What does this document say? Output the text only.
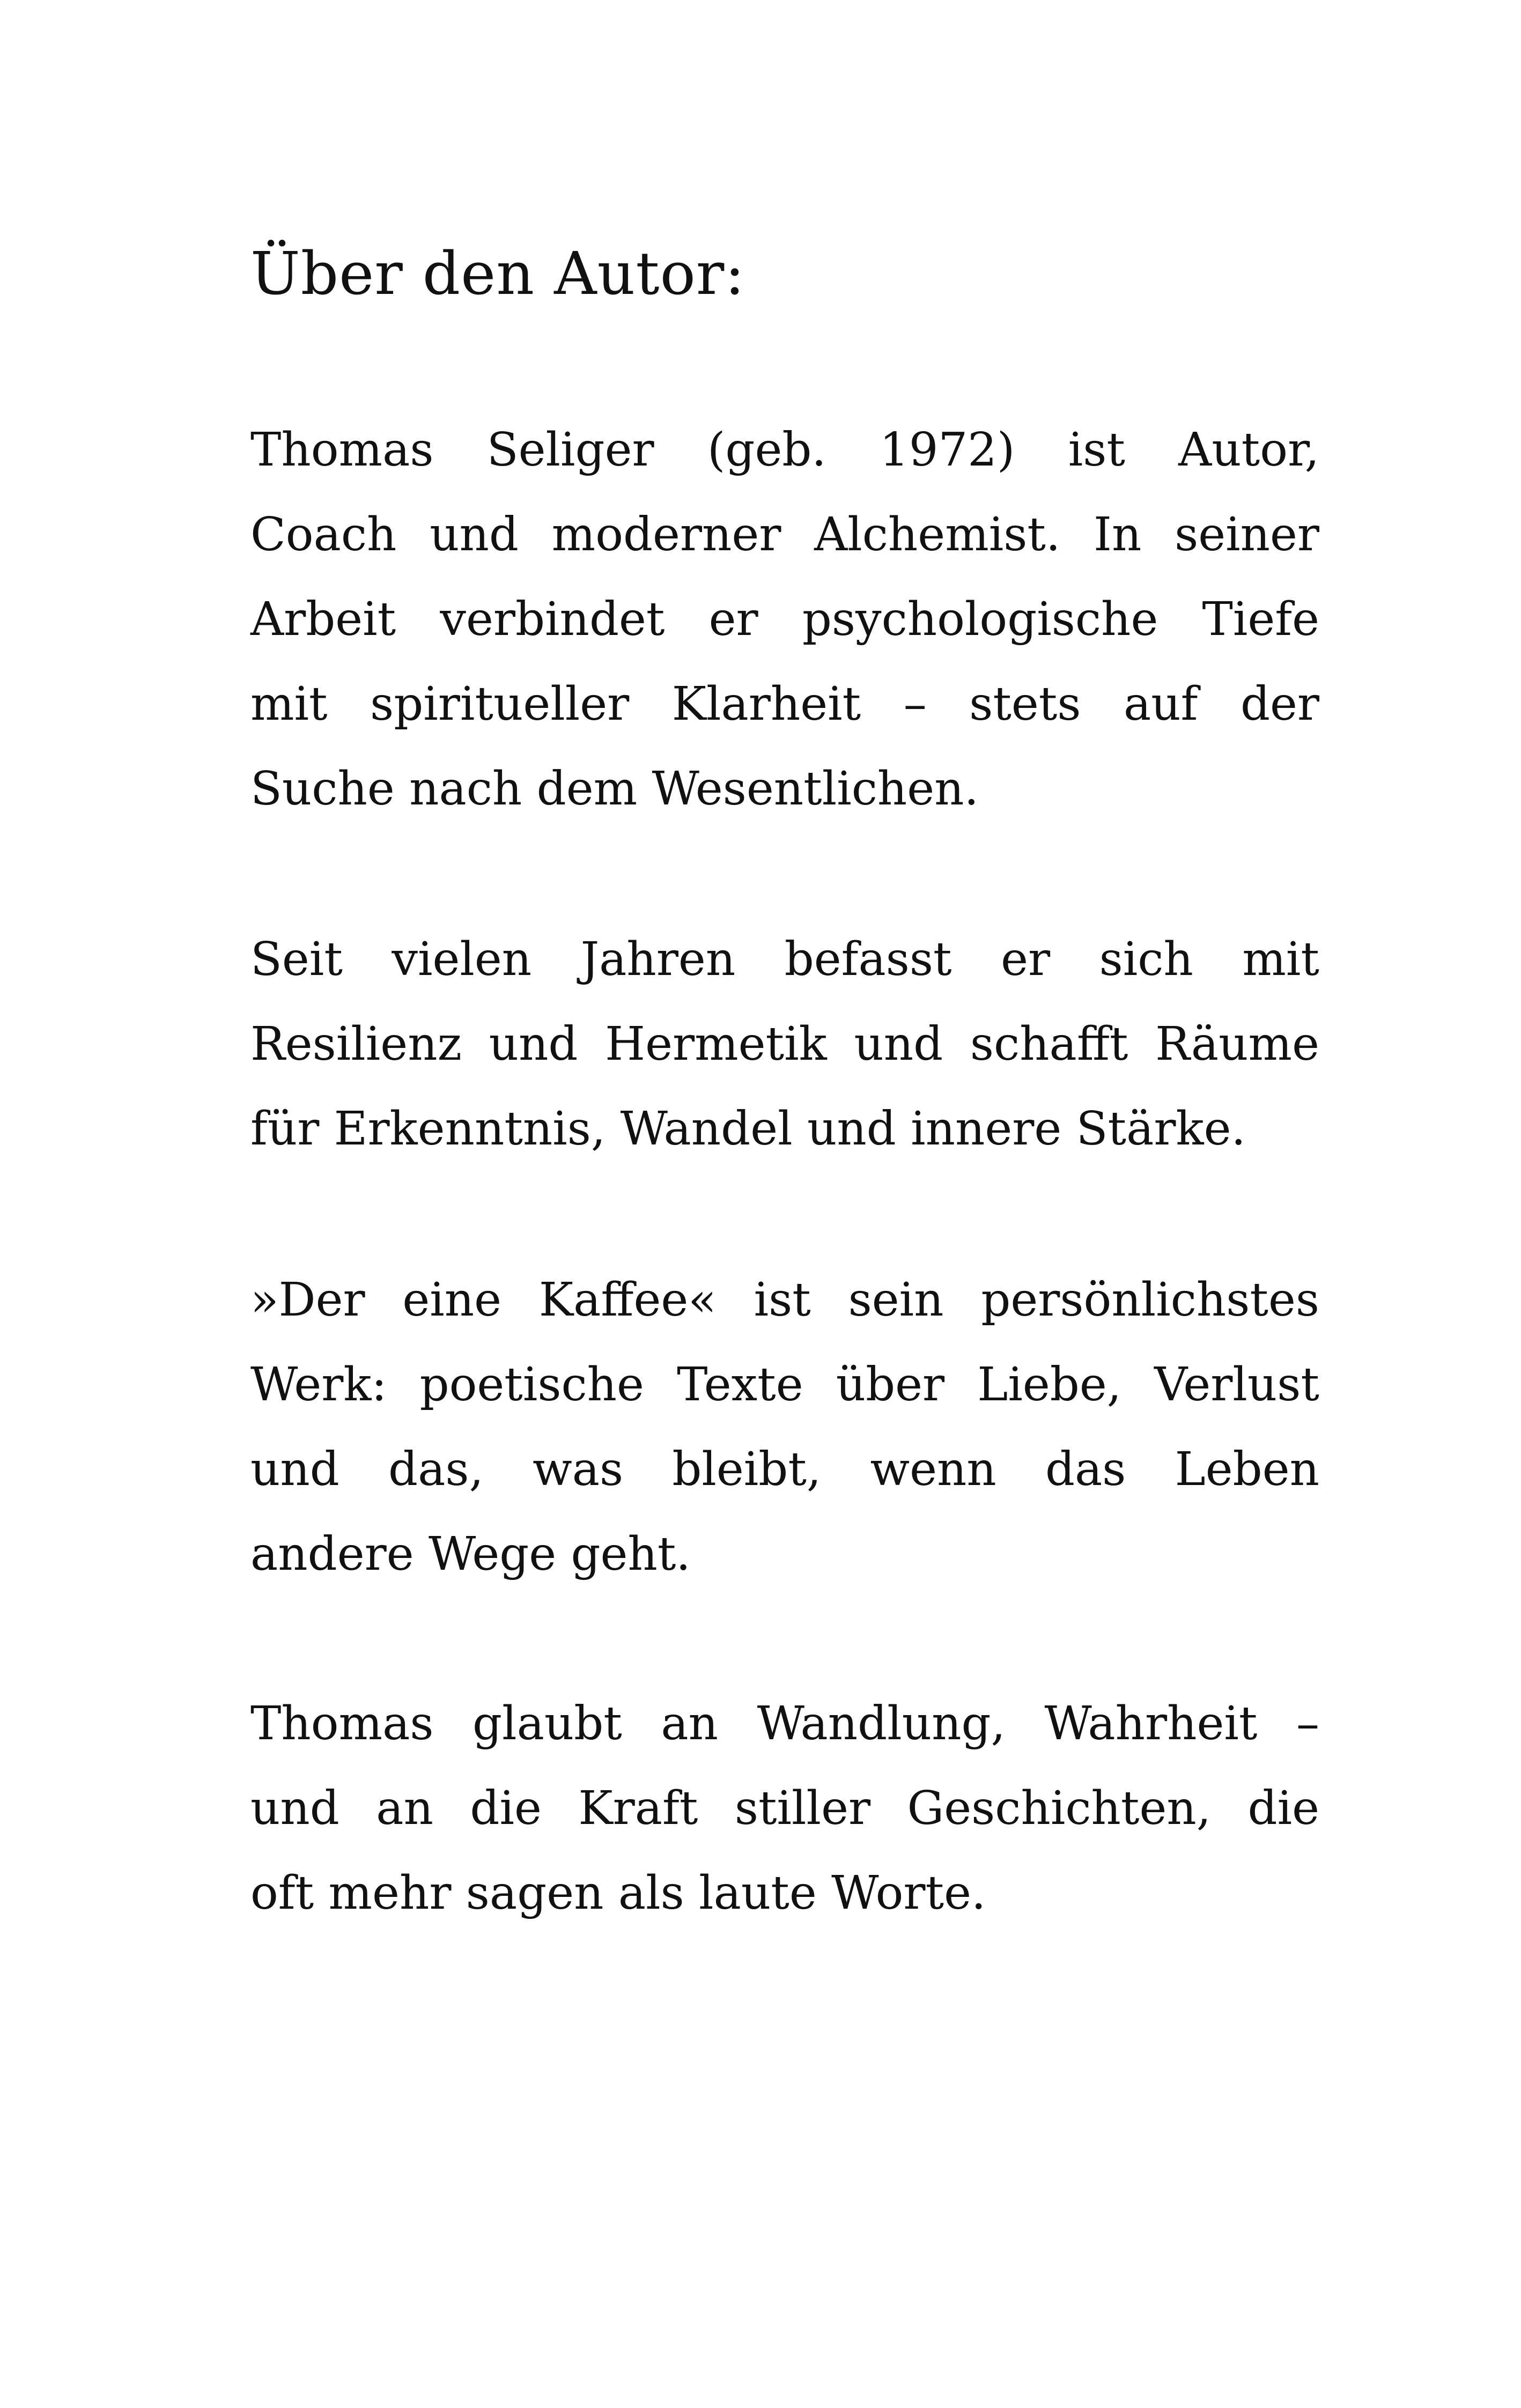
Über den Autor:
Thomas Seliger (geb. 1972) ist Autor,
Coach und moderner Alchemist. In seiner
Arbeit verbindet er psychologische Tiefe
mit spiritueller Klarheit – stets auf der
Suche nach dem Wesentlichen.
Seit vielen Jahren befasst er sich mit
Resilienz und Hermetik und schafft Räume
für Erkenntnis, Wandel und innere Stärke.
»Der eine Kaffee« ist sein persönlichstes
Werk: poetische Texte über Liebe, Verlust
und das, was bleibt, wenn das Leben
andere Wege geht.
Thomas glaubt an Wandlung, Wahrheit –
und an die Kraft stiller Geschichten, die
oft mehr sagen als laute Worte.
